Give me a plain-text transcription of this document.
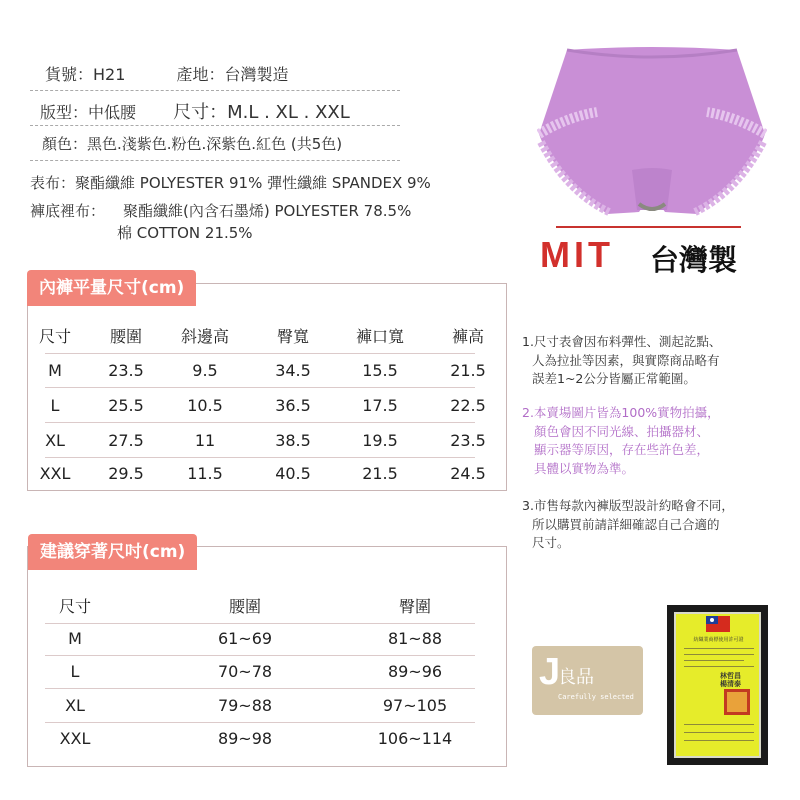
貨號：H21	產地：台灣製造
版型：中低腰 尺寸：M.L . XL . XXL
顏色：黑色.淺紫色.粉色.深紫色.紅色 (共5色)
表布：聚酯纖維 POLYESTER 91% 彈性纖維 SPANDEX 9%
褲底裡布： 聚酯纖維(內含石墨烯) POLYESTER 78.5%
棉 COTTON 21.5%
MIT 台灣製
內褲平量尺寸(cm)
尺寸	腰圍	斜邊高	臀寬	褲口寬	褲高
M	23.5	9.5	34.5	15.5	21.5
L	25.5	10.5	36.5	17.5	22.5
XL	27.5	11	38.5	19.5	23.5
XXL	29.5	11.5	40.5	21.5	24.5
建議穿著尺吋(cm)
尺寸	腰圍	臀圍
M	61~69	81~88
L	70~78	89~96
XL	79~88	97~105
XXL	89~98	106~114
1.尺寸表會因布料彈性、測起訖點、
人為拉扯等因素，與實際商品略有
誤差1~2公分皆屬正常範圍。
2.本賣場圖片皆為100%實物拍攝，
顏色會因不同光線、拍攝器材、
顯示器等原因，存在些許色差，
具體以實物為準。
3.市售每款內褲版型設計約略會不同，
所以購買前請詳細確認自己合適的
尺寸。
J
良品
Carefully selected
紡織業商標使用許可證
林哲昌
楊清泰
